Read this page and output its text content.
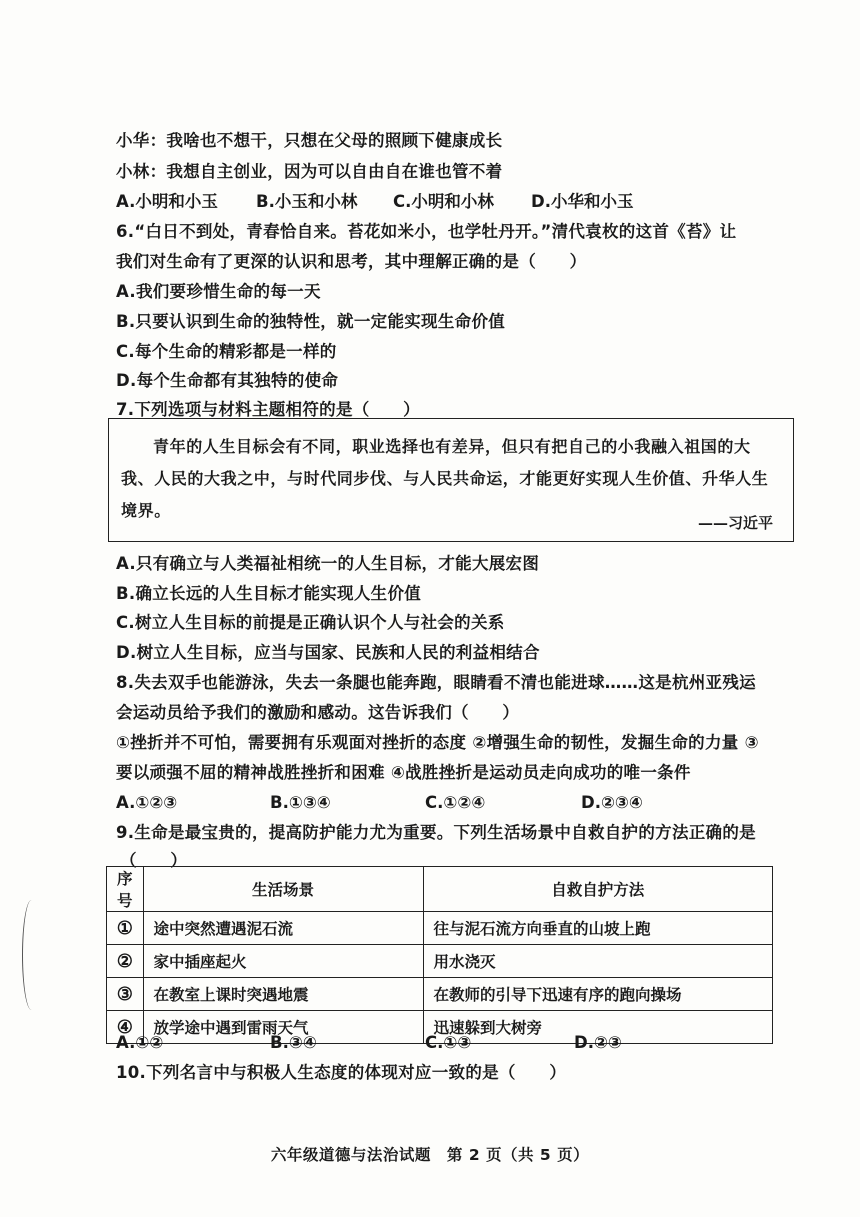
小华：我啥也不想干，只想在父母的照顾下健康成长
小林：我想自主创业，因为可以自由自在谁也管不着
A.小明和小玉 B.小玉和小林 C.小明和小林 D.小华和小玉
6.“白日不到处，青春恰自来。苔花如米小，也学牡丹开。”清代袁枚的这首《苔》让
我们对生命有了更深的认识和思考，其中理解正确的是（　　）
A.我们要珍惜生命的每一天
B.只要认识到生命的独特性，就一定能实现生命价值
C.每个生命的精彩都是一样的
D.每个生命都有其独特的使命
7.下列选项与材料主题相符的是（　　）
青年的人生目标会有不同，职业选择也有差异，但只有把自己的小我融入祖国的大我、人民的大我之中，与时代同步伐、与人民共命运，才能更好实现人生价值、升华人生境界。
——习近平
A.只有确立与人类福祉相统一的人生目标，才能大展宏图
B.确立长远的人生目标才能实现人生价值
C.树立人生目标的前提是正确认识个人与社会的关系
D.树立人生目标，应当与国家、民族和人民的利益相结合
8.失去双手也能游泳，失去一条腿也能奔跑，眼睛看不清也能进球……这是杭州亚残运
会运动员给予我们的激励和感动。这告诉我们（　　）
①挫折并不可怕，需要拥有乐观面对挫折的态度 ②增强生命的韧性，发掘生命的力量 ③
要以顽强不屈的精神战胜挫折和困难 ④战胜挫折是运动员走向成功的唯一条件
A.①②③	B.①③④	C.①②④	D.②③④
9.生命是最宝贵的，提高防护能力尤为重要。下列生活场景中自救自护的方法正确的是
（　　）
序号	生活场景	自救自护方法
①	途中突然遭遇泥石流	往与泥石流方向垂直的山坡上跑
②	家中插座起火	用水浇灭
③	在教室上课时突遇地震	在教师的引导下迅速有序的跑向操场
④	放学途中遇到雷雨天气	迅速躲到大树旁
A.①②	B.③④	C.①③	D.②③
10.下列名言中与积极人生态度的体现对应一致的是（　　）
六年级道德与法治试题　第 2 页（共 5 页）
